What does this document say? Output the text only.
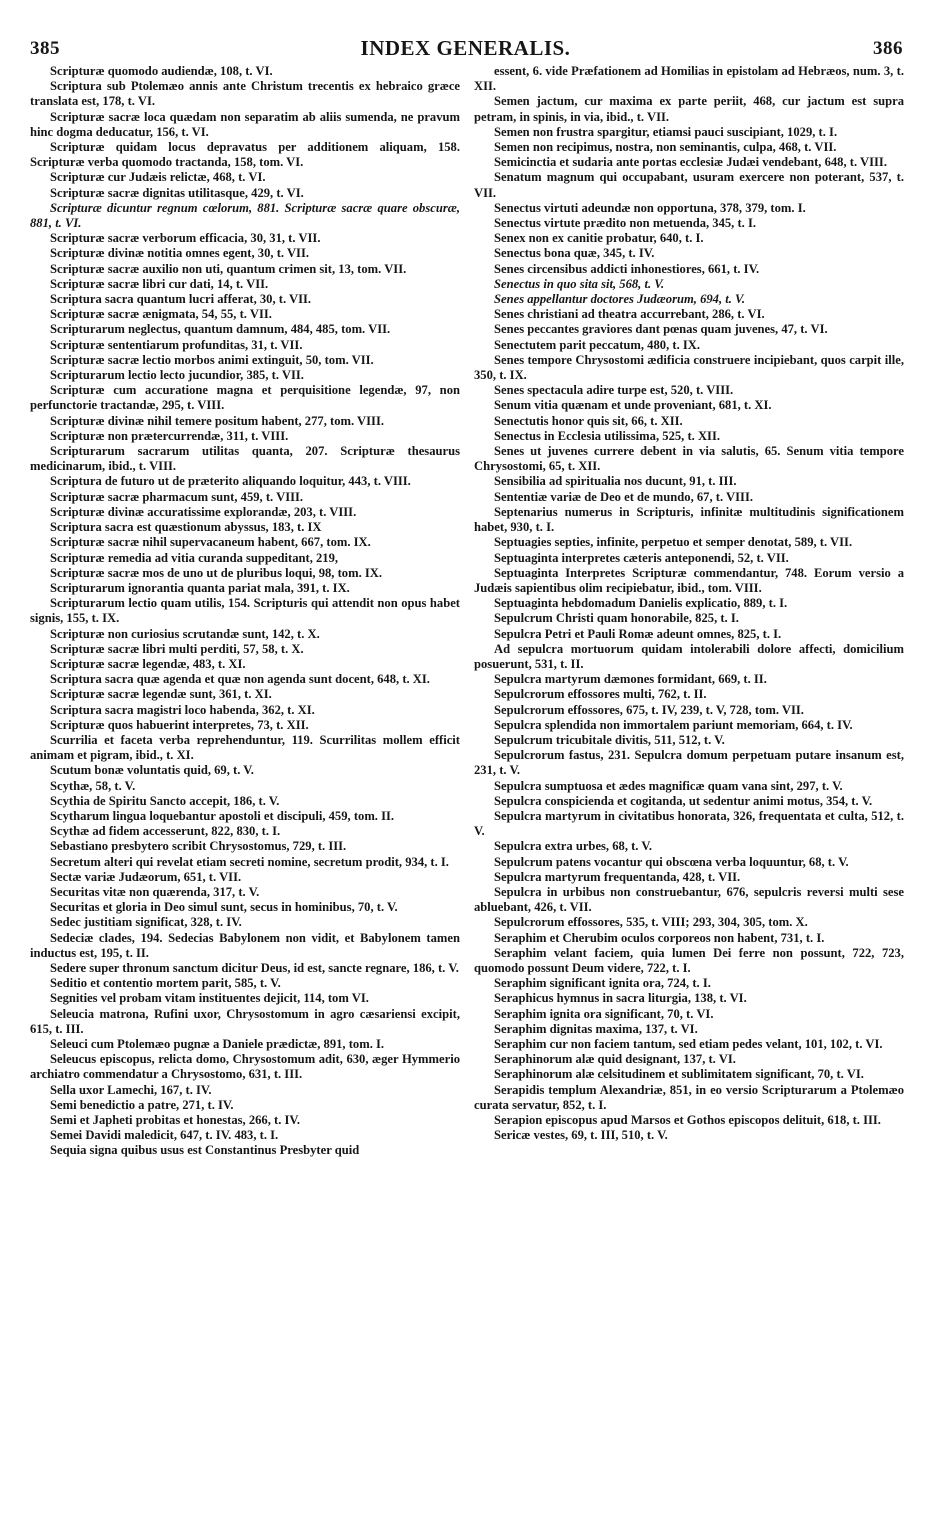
385	INDEX GENERALIS.	386

Scripturæ quomodo audiendæ, 108, t. VI.

Scriptura sub Ptolemæo annis ante Christum trecentis ex hebraico græce translata est, 178, t. VI.

Scripturæ sacræ loca quædam non separatim ab aliis sumenda, ne pravum hinc dogma deducatur, 156, t. VI.

Scripturæ quidam locus depravatus per additionem aliquam, 158. Scripturæ verba quomodo tractanda, 158, tom. VI.

Scripturæ cur Judæis relictæ, 468, t. VI.

Scripturæ sacræ dignitas utilitasque, 429, t. VI.

Scripturæ dicuntur regnum cœlorum, 881. Scripturæ sacræ quare obscuræ, 881, t. VI.

Scripturæ sacræ verborum efficacia, 30, 31, t. VII.

Scripturæ divinæ notitia omnes egent, 30, t. VII.

Scripturæ sacræ auxilio non uti, quantum crimen sit, 13, tom. VII.

Scripturæ sacræ libri cur dati, 14, t. VII.

Scriptura sacra quantum lucri afferat, 30, t. VII.

Scripturæ sacræ ænigmata, 54, 55, t. VII.

Scripturarum neglectus, quantum damnum, 484, 485, tom. VII.

Scripturæ sententiarum profunditas, 31, t. VII.

Scripturæ sacræ lectio morbos animi extinguit, 50, tom. VII.

Scripturarum lectio lecto jucundior, 385, t. VII.

Scripturæ cum accuratione magna et perquisitione legendæ, 97, non perfunctorie tractandæ, 295, t. VIII.

Scripturæ divinæ nihil temere positum habent, 277, tom. VIII.

Scripturæ non prætercurrendæ, 311, t. VIII.

Scripturarum sacrarum utilitas quanta, 207. Scripturæ thesaurus medicinarum, ibid., t. VIII.

Scriptura de futuro ut de præterito aliquando loquitur, 443, t. VIII.

Scripturæ sacræ pharmacum sunt, 459, t. VIII.

Scripturæ divinæ accuratissime explorandæ, 203, t. VIII.

Scriptura sacra est quæstionum abyssus, 183, t. IX

Scripturæ sacræ nihil supervacaneum habent, 667, tom. IX.

Scripturæ remedia ad vitia curanda suppeditant, 219,

Scripturæ sacræ mos de uno ut de pluribus loqui, 98, tom. IX.

Scripturarum ignorantia quanta pariat mala, 391, t. IX.

Scripturarum lectio quam utilis, 154. Scripturis qui attendit non opus habet signis, 155, t. IX.

Scripturæ non curiosius scrutandæ sunt, 142, t. X.

Scripturæ sacræ libri multi perditi, 57, 58, t. X.

Scripturæ sacræ legendæ, 483, t. XI.

Scriptura sacra quæ agenda et quæ non agenda sunt docent, 648, t. XI.

Scripturæ sacræ legendæ sunt, 361, t. XI.

Scriptura sacra magistri loco habenda, 362, t. XI.

Scripturæ quos habuerint interpretes, 73, t. XII.

Scurrilia et faceta verba reprehenduntur, 119. Scurrilitas mollem efficit animam et pigram, ibid., t. XI.

Scutum bonæ voluntatis quid, 69, t. V.

Scythæ, 58, t. V.

Scythia de Spiritu Sancto accepit, 186, t. V.

Scytharum lingua loquebantur apostoli et discipuli, 459, tom. II.

Scythæ ad fidem accesserunt, 822, 830, t. I.

Sebastiano presbytero scribit Chrysostomus, 729, t. III.

Secretum alteri qui revelat etiam secreti nomine, secretum prodit, 934, t. I.

Sectæ variæ Judæorum, 651, t. VII.

Securitas vitæ non quærenda, 317, t. V.

Securitas et gloria in Deo simul sunt, secus in hominibus, 70, t. V.

Sedec justitiam significat, 328, t. IV.

Sedeciæ clades, 194. Sedecias Babylonem non vidit, et Babylonem tamen inductus est, 195, t. II.

Sedere super thronum sanctum dicitur Deus, id est, sancte regnare, 186, t. V.

Seditio et contentio mortem parit, 585, t. V.

Segnities vel probam vitam instituentes dejicit, 114, tom VI.

Seleucia matrona, Rufini uxor, Chrysostomum in agro cæsariensi excipit, 615, t. III.

Seleuci cum Ptolemæo pugnæ a Daniele prædictæ, 891, tom. I.

Seleucus episcopus, relicta domo, Chrysostomum adit, 630, æger Hymmerio archiatro commendatur a Chrysostomo, 631, t. III.

Sella uxor Lamechi, 167, t. IV.

Semi benedictio a patre, 271, t. IV.

Semi et Japheti probitas et honestas, 266, t. IV.

Semei Davidi maledicit, 647, t. IV. 483, t. I.

Sequia signa quibus usus est Constantinus Presbyter quid

essent, 6. vide Præfationem ad Homilias in epistolam ad Hebræos, num. 3, t. XII.

Semen jactum, cur maxima ex parte periit, 468, cur jactum est supra petram, in spinis, in via, ibid., t. VII.

Semen non frustra spargitur, etiamsi pauci suscipiant, 1029, t. I.

Semen non recipimus, nostra, non seminantis, culpa, 468, t. VII.

Semicinctia et sudaria ante portas ecclesiæ Judæi vendebant, 648, t. VIII.

Senatum magnum qui occupabant, usuram exercere non poterant, 537, t. VII.

Senectus virtuti adeundæ non opportuna, 378, 379, tom. I.

Senectus virtute prædito non metuenda, 345, t. I.

Senex non ex canitie probatur, 640, t. I.

Senectus bona quæ, 345, t. IV.

Senes circensibus addicti inhonestiores, 661, t. IV.

Senectus in quo sita sit, 568, t. V.

Senes appellantur doctores Judæorum, 694, t. V.

Senes christiani ad theatra accurrebant, 286, t. VI.

Senes peccantes graviores dant pœnas quam juvenes, 47, t. VI.

Senectutem parit peccatum, 480, t. IX.

Senes tempore Chrysostomi ædificia construere incipiebant, quos carpit ille, 350, t. IX.

Senes spectacula adire turpe est, 520, t. VIII.

Senum vitia quænam et unde proveniant, 681, t. XI.

Senectutis honor quis sit, 66, t. XII.

Senectus in Ecclesia utilissima, 525, t. XII.

Senes ut juvenes currere debent in via salutis, 65. Senum vitia tempore Chrysostomi, 65, t. XII.

Sensibilia ad spiritualia nos ducunt, 91, t. III.

Sententiæ variæ de Deo et de mundo, 67, t. VIII.

Septenarius numerus in Scripturis, infinitæ multitudinis significationem habet, 930, t. I.

Septuagies septies, infinite, perpetuo et semper denotat, 589, t. VII.

Septuaginta interpretes cæteris anteponendi, 52, t. VII.

Septuaginta Interpretes Scripturæ commendantur, 748. Eorum versio a Judæis sapientibus olim recipiebatur, ibid., tom. VIII.

Septuaginta hebdomadum Danielis explicatio, 889, t. I.

Sepulcrum Christi quam honorabile, 825, t. I.

Sepulcra Petri et Pauli Romæ adeunt omnes, 825, t. I.

Ad sepulcra mortuorum quidam intolerabili dolore affecti, domicilium posuerunt, 531, t. II.

Sepulcra martyrum dæmones formidant, 669, t. II.

Sepulcrorum effossores multi, 762, t. II.

Sepulcrorum effossores, 675, t. IV, 239, t. V, 728, tom. VII.

Sepulcra splendida non immortalem pariunt memoriam, 664, t. IV.

Sepulcrum tricubitale divitis, 511, 512, t. V.

Sepulcrorum fastus, 231. Sepulcra domum perpetuam putare insanum est, 231, t. V.

Sepulcra sumptuosa et ædes magnificæ quam vana sint, 297, t. V.

Sepulcra conspicienda et cogitanda, ut sedentur animi motus, 354, t. V.

Sepulcra martyrum in civitatibus honorata, 326, frequentata et culta, 512, t. V.

Sepulcra extra urbes, 68, t. V.

Sepulcrum patens vocantur qui obscœna verba loquuntur, 68, t. V.

Sepulcra martyrum frequentanda, 428, t. VII.

Sepulcra in urbibus non construebantur, 676, sepulcris reversi multi sese abluebant, 426, t. VII.

Sepulcrorum effossores, 535, t. VIII; 293, 304, 305, tom. X.

Seraphim et Cherubim oculos corporeos non habent, 731, t. I.

Seraphim velant faciem, quia lumen Dei ferre non possunt, 722, 723, quomodo possunt Deum videre, 722, t. I.

Seraphim significant ignita ora, 724, t. I.

Seraphicus hymnus in sacra liturgia, 138, t. VI.

Seraphim ignita ora significant, 70, t. VI.

Seraphim dignitas maxima, 137, t. VI.

Seraphim cur non faciem tantum, sed etiam pedes velant, 101, 102, t. VI.

Seraphinorum alæ quid designant, 137, t. VI.

Seraphinorum alæ celsitudinem et sublimitatem significant, 70, t. VI.

Serapidis templum Alexandriæ, 851, in eo versio Scripturarum a Ptolemæo curata servatur, 852, t. I.

Serapion episcopus apud Marsos et Gothos episcopos delituit, 618, t. III.

Sericæ vestes, 69, t. III, 510, t. V.
